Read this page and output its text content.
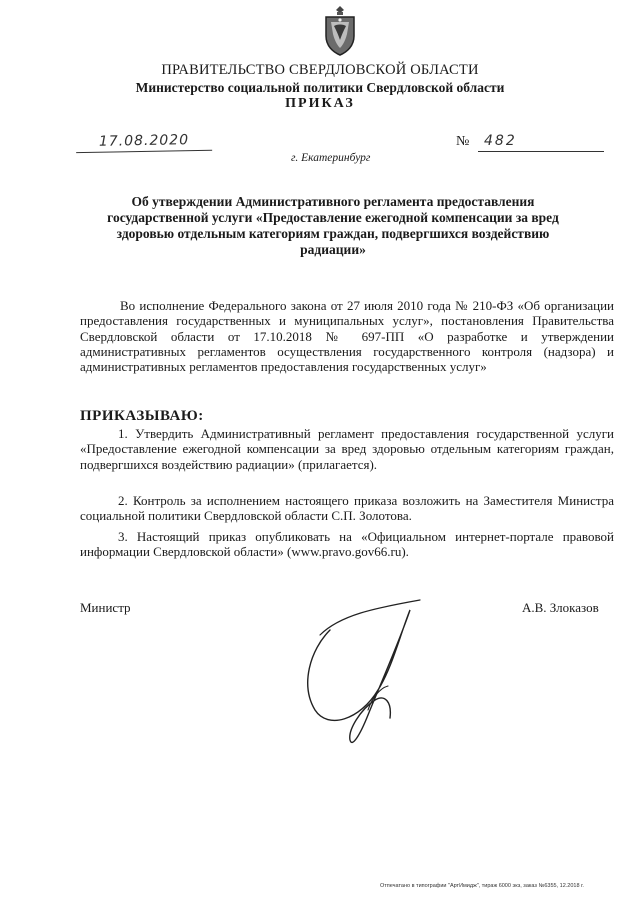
ПРАВИТЕЛЬСТВО СВЕРДЛОВСКОЙ ОБЛАСТИ
Министерство социальной политики Свердловской области
ПРИКАЗ
17.08.2020	№	482
г. Екатеринбург
Об утверждении Административного регламента предоставления государственной услуги «Предоставление ежегодной компенсации за вред здоровью отдельным категориям граждан, подвергшихся воздействию радиации»
Во исполнение Федерального закона от 27 июля 2010 года № 210-ФЗ «Об организации предоставления государственных и муниципальных услуг», постановления Правительства Свердловской области от 17.10.2018 № 697-ПП «О разработке и утверждении административных регламентов осуществления государственного контроля (надзора) и административных регламентов предоставления государственных услуг»
ПРИКАЗЫВАЮ:
1. Утвердить Административный регламент предоставления государственной услуги «Предоставление ежегодной компенсации за вред здоровью отдельным категориям граждан, подвергшихся воздействию радиации» (прилагается).
2. Контроль за исполнением настоящего приказа возложить на Заместителя Министра социальной политики Свердловской области С.П. Золотова.
3. Настоящий приказ опубликовать на «Официальном интернет-портале правовой информации Свердловской области» (www.pravo.gov66.ru).
Министр	А.В. Злоказов
Отпечатано в типографии "АртИмидж", тираж 6000 экз, заказ №6355, 12.2018 г.
